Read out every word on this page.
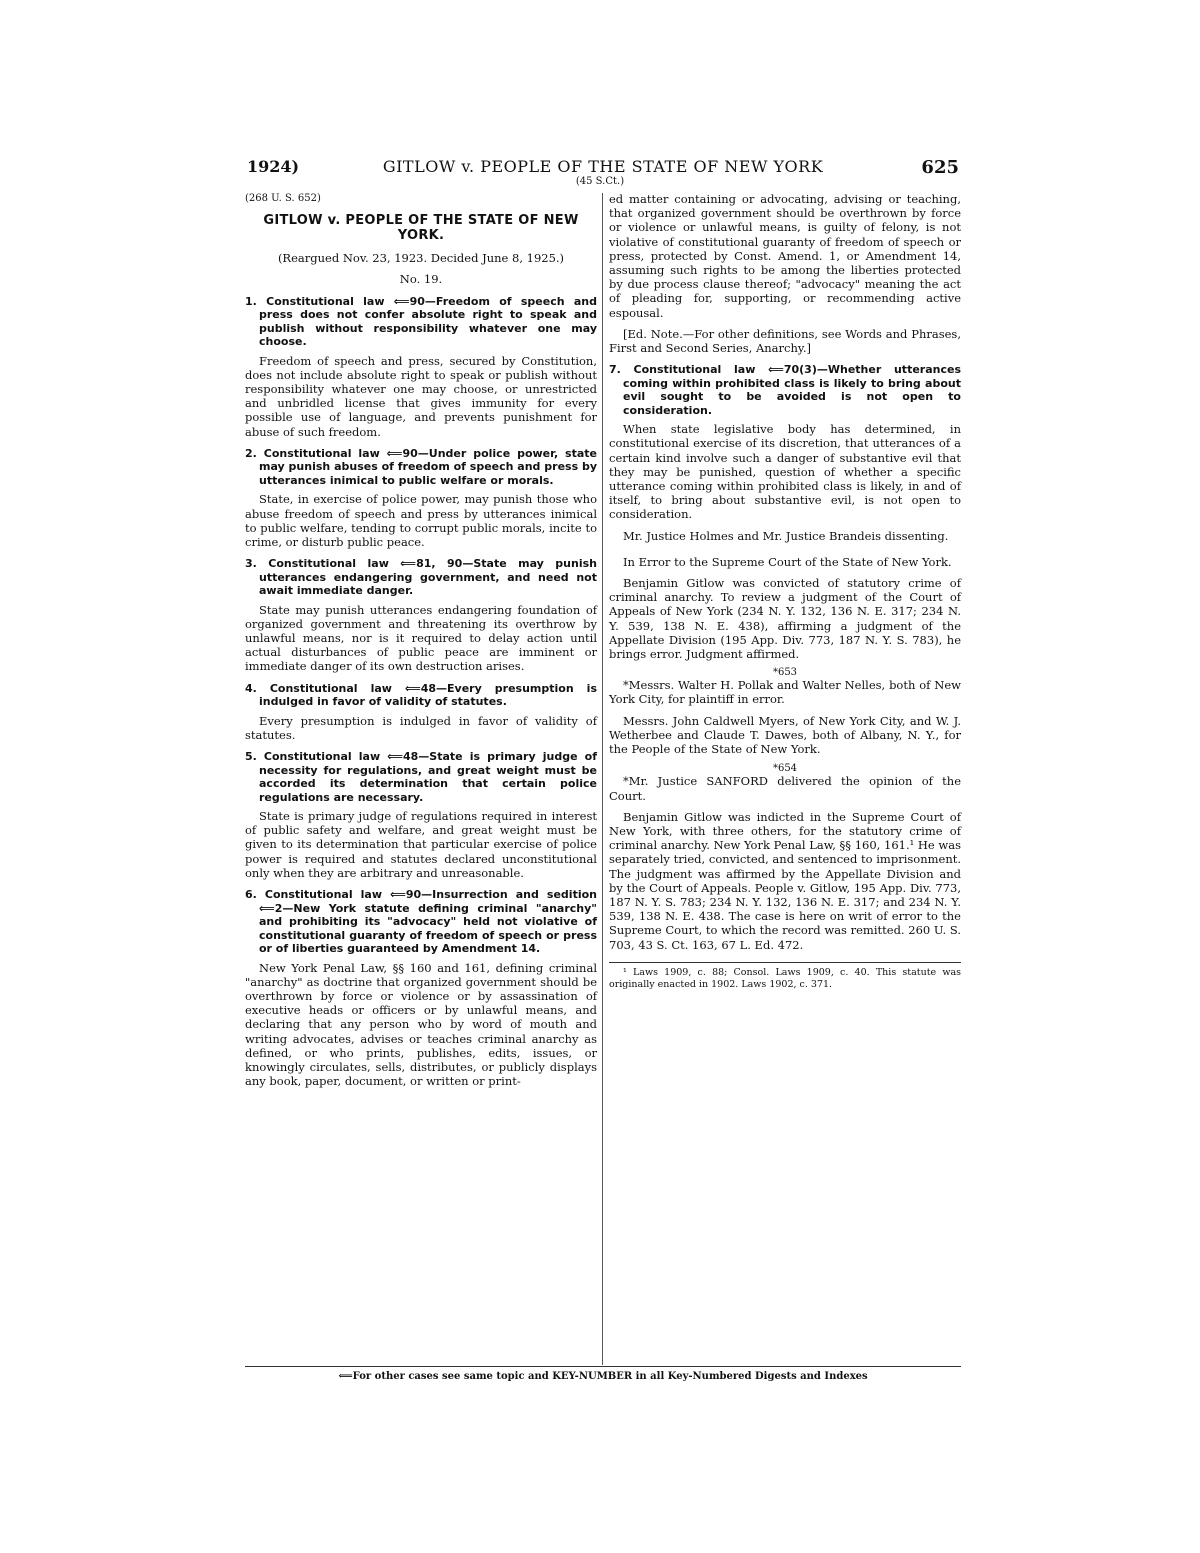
1924)	GITLOW v. PEOPLE OF THE STATE OF NEW YORK	625
(45 S.Ct.)

(268 U. S. 652)

GITLOW v. PEOPLE OF THE STATE OF NEW YORK.

(Reargued Nov. 23, 1923. Decided June 8, 1925.)

No. 19.

1. Constitutional law ⟸90—Freedom of speech and press does not confer absolute right to speak and publish without responsibility whatever one may choose.

Freedom of speech and press, secured by Constitution, does not include absolute right to speak or publish without responsibility whatever one may choose, or unrestricted and unbridled license that gives immunity for every possible use of language, and prevents punishment for abuse of such freedom.

2. Constitutional law ⟸90—Under police power, state may punish abuses of freedom of speech and press by utterances inimical to public welfare or morals.

State, in exercise of police power, may punish those who abuse freedom of speech and press by utterances inimical to public welfare, tending to corrupt public morals, incite to crime, or disturb public peace.

3. Constitutional law ⟸81, 90—State may punish utterances endangering government, and need not await immediate danger.

State may punish utterances endangering foundation of organized government and threatening its overthrow by unlawful means, nor is it required to delay action until actual disturbances of public peace are imminent or immediate danger of its own destruction arises.

4. Constitutional law ⟸48—Every presumption is indulged in favor of validity of statutes.

Every presumption is indulged in favor of validity of statutes.

5. Constitutional law ⟸48—State is primary judge of necessity for regulations, and great weight must be accorded its determination that certain police regulations are necessary.

State is primary judge of regulations required in interest of public safety and welfare, and great weight must be given to its determination that particular exercise of police power is required and statutes declared unconstitutional only when they are arbitrary and unreasonable.

6. Constitutional law ⟸90—Insurrection and sedition ⟸2—New York statute defining criminal "anarchy" and prohibiting its "advocacy" held not violative of constitutional guaranty of freedom of speech or press or of liberties guaranteed by Amendment 14.

New York Penal Law, §§ 160 and 161, defining criminal "anarchy" as doctrine that organized government should be overthrown by force or violence or by assassination of executive heads or officers or by unlawful means, and declaring that any person who by word of mouth and writing advocates, advises or teaches criminal anarchy as defined, or who prints, publishes, edits, issues, or knowingly circulates, sells, distributes, or publicly displays any book, paper, document, or written or print-

ed matter containing or advocating, advising or teaching, that organized government should be overthrown by force or violence or unlawful means, is guilty of felony, is not violative of constitutional guaranty of freedom of speech or press, protected by Const. Amend. 1, or Amendment 14, assuming such rights to be among the liberties protected by due process clause thereof; "advocacy" meaning the act of pleading for, supporting, or recommending active espousal.

[Ed. Note.—For other definitions, see Words and Phrases, First and Second Series, Anarchy.]

7. Constitutional law ⟸70(3)—Whether utterances coming within prohibited class is likely to bring about evil sought to be avoided is not open to consideration.

When state legislative body has determined, in constitutional exercise of its discretion, that utterances of a certain kind involve such a danger of substantive evil that they may be punished, question of whether a specific utterance coming within prohibited class is likely, in and of itself, to bring about substantive evil, is not open to consideration.

Mr. Justice Holmes and Mr. Justice Brandeis dissenting.

In Error to the Supreme Court of the State of New York.

Benjamin Gitlow was convicted of statutory crime of criminal anarchy. To review a judgment of the Court of Appeals of New York (234 N. Y. 132, 136 N. E. 317; 234 N. Y. 539, 138 N. E. 438), affirming a judgment of the Appellate Division (195 App. Div. 773, 187 N. Y. S. 783), he brings error. Judgment affirmed.

*653

*Messrs. Walter H. Pollak and Walter Nelles, both of New York City, for plaintiff in error.

Messrs. John Caldwell Myers, of New York City, and W. J. Wetherbee and Claude T. Dawes, both of Albany, N. Y., for the People of the State of New York.

*654

*Mr. Justice SANFORD delivered the opinion of the Court.

Benjamin Gitlow was indicted in the Supreme Court of New York, with three others, for the statutory crime of criminal anarchy. New York Penal Law, §§ 160, 161.¹ He was separately tried, convicted, and sentenced to imprisonment. The judgment was affirmed by the Appellate Division and by the Court of Appeals. People v. Gitlow, 195 App. Div. 773, 187 N. Y. S. 783; 234 N. Y. 132, 136 N. E. 317; and 234 N. Y. 539, 138 N. E. 438. The case is here on writ of error to the Supreme Court, to which the record was remitted. 260 U. S. 703, 43 S. Ct. 163, 67 L. Ed. 472.

¹ Laws 1909, c. 88; Consol. Laws 1909, c. 40. This statute was originally enacted in 1902. Laws 1902, c. 371.

⟸For other cases see same topic and KEY-NUMBER in all Key-Numbered Digests and Indexes
